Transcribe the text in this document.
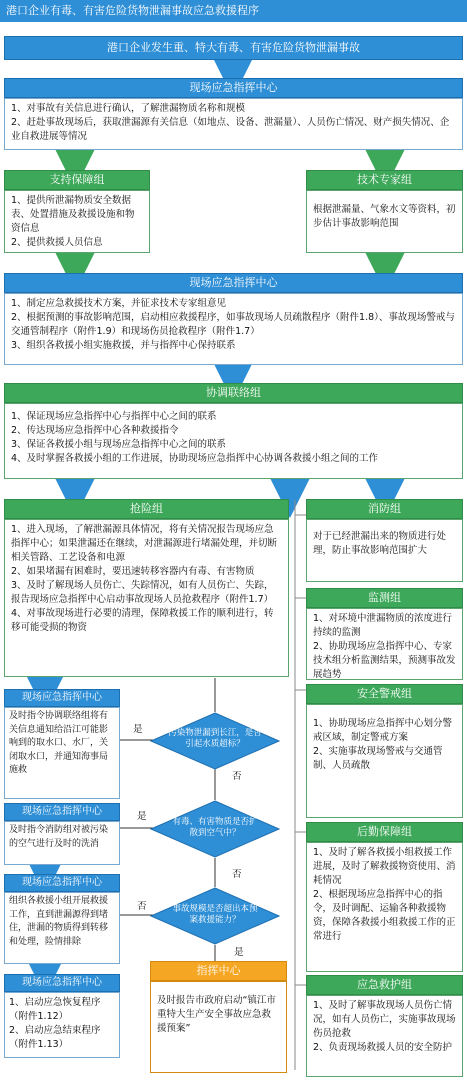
港口企业有毒、有害危险货物泄漏事故应急救援程序
港口企业发生重、特大有毒、有害危险货物泄漏事故
现场应急指挥中心

1、对事故有关信息进行确认，了解泄漏物质名称和规模

2、赶赴事故现场后，获取泄漏源有关信息（如地点、设备、泄漏量）、人员伤亡情况、财产损失情况、企业自救进展等情况

支持保障组

1、提供所泄漏物质安全数据表、处置措施及救援设施和物资信息

2、提供救援人员信息

技术专家组

根据泄漏量、气象水文等资料，初步估计事故影响范围

现场应急指挥中心

1、制定应急救援技术方案，并征求技术专家组意见

2、根据预测的事故影响范围，启动相应救援程序，如事故现场人员疏散程序（附件1.8）、事故现场警戒与交通管制程序（附件1.9）和现场伤员抢救程序（附件1.7）

3、组织各救援小组实施救援，并与指挥中心保持联系

协调联络组

1、保证现场应急指挥中心与指挥中心之间的联系

2、传达现场应急指挥中心各种救援指令

3、保证各救援小组与现场应急指挥中心之间的联系

4、及时掌握各救援小组的工作进展，协助现场应急指挥中心协调各救援小组之间的工作

抢险组

1、进入现场，了解泄漏源具体情况，将有关情况报告现场应急指挥中心；如果泄漏还在继续，对泄漏源进行堵漏处理，并切断相关管路、工艺设备和电源

2、如果堵漏有困难时，要迅速转移容器内有毒、有害物质

3、及时了解现场人员伤亡、失踪情况，如有人员伤亡、失踪，报告现场应急指挥中心启动事故现场人员抢救程序（附件1.7）

4、对事故现场进行必要的清理，保障救援工作的顺利进行，转移可能受损的物资

消防组

对于已经泄漏出来的物质进行处理，防止事故影响范围扩大

监测组

1、对环境中泄漏物质的浓度进行持续的监测

2、协助现场应急指挥中心、专家技术组分析监测结果，预测事故发展趋势

安全警戒组

1、协助现场应急指挥中心划分警戒区域，制定警戒方案

2、实施事故现场警戒与交通管制、人员疏散

后勤保障组

1、及时了解各救援小组救援工作进展，及时了解救援物资使用、消耗情况

2、根据现场应急指挥中心的指令，及时调配、运输各种救援物资，保障各救援小组救援工作的正常进行

应急救护组

1、及时了解事故现场人员伤亡情况，如有人员伤亡，实施事故现场伤员抢救

2、负责现场救援人员的安全防护

现场应急指挥中心

及时指令协调联络组将有关信息通知给沿江可能影响到的取水口、水厂，关闭取水口，并通知海事局施救

现场应急指挥中心

及时指令消防组对被污染的空气进行及时的洗消

现场应急指挥中心

组织各救援小组开展救援工作，直到泄漏源得到堵住，泄漏的物质得到转移和处理，险情排除

现场应急指挥中心

1、启动应急恢复程序（附件1.12）

2、启动应急结束程序（附件1.13）

污染物泄漏到长江，是否引起水质超标？
有毒、有害物质是否扩散到空气中？
事故规模是否超出本预案救援能力？
是
否
是
否
否
是
指挥中心

及时报告市政府启动“镇江市重特大生产安全事故应急救援预案”
